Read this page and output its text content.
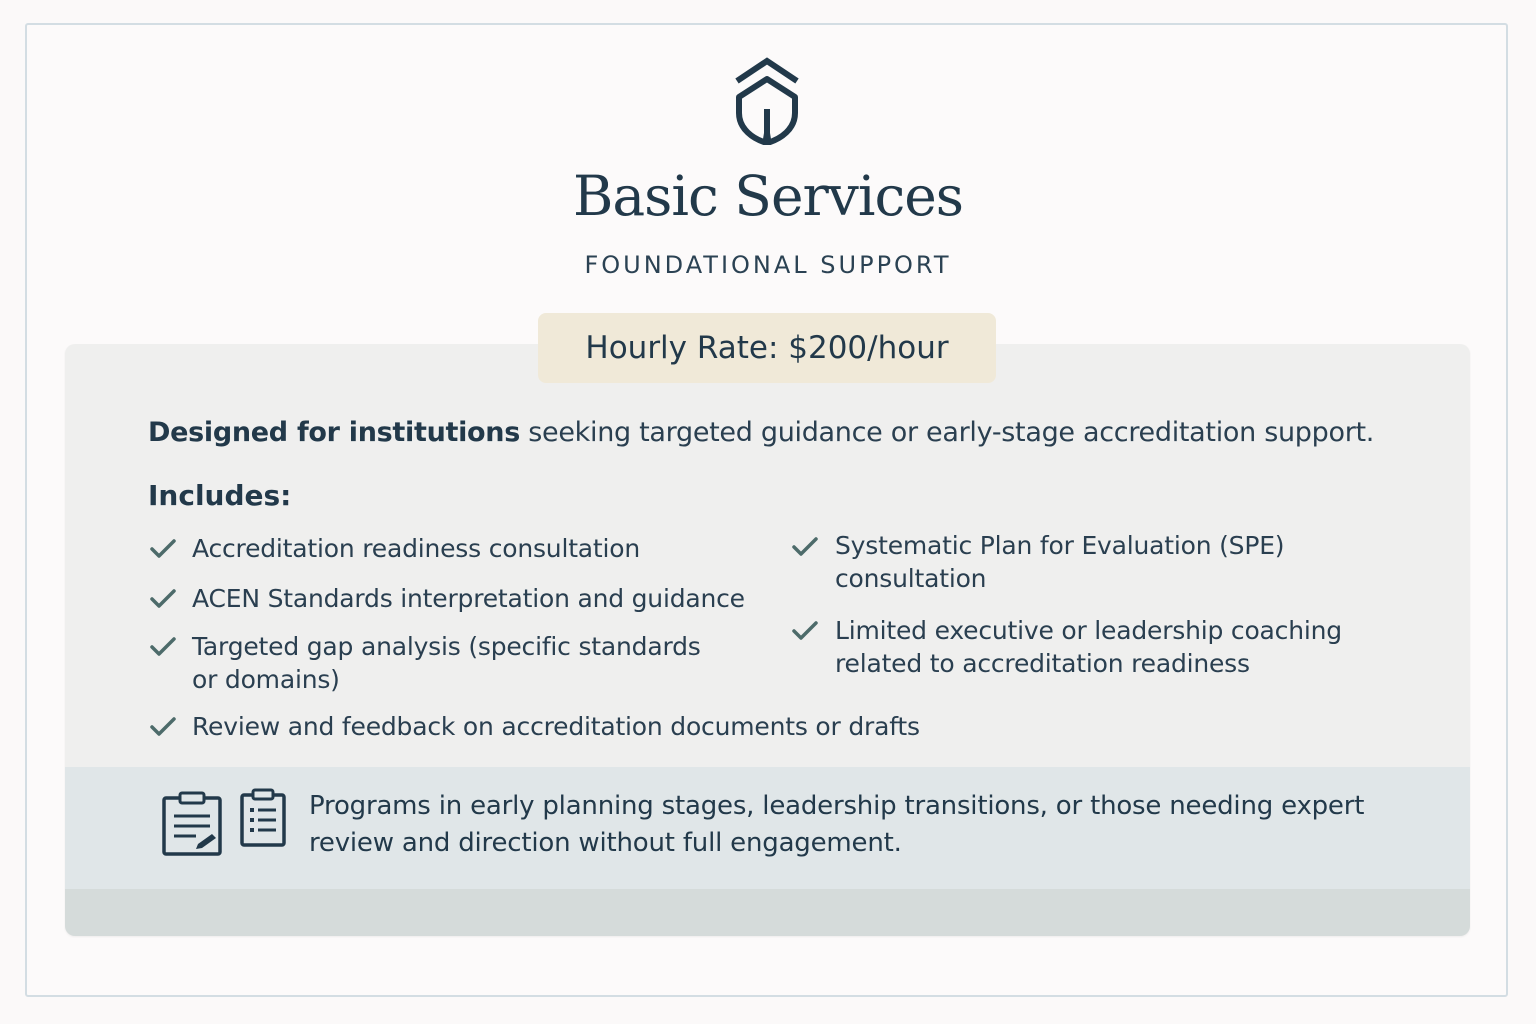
Basic Services
FOUNDATIONAL SUPPORT
Hourly Rate: $200/hour
Designed for institutions seeking targeted guidance or early-stage accreditation support.
Includes:
Accreditation readiness consultation
ACEN Standards interpretation and guidance
Targeted gap analysis (specific standards
or domains)
Review and feedback on accreditation documents or drafts
Systematic Plan for Evaluation (SPE)
consultation
Limited executive or leadership coaching
related to accreditation readiness
Programs in early planning stages, leadership transitions, or those needing expert review and direction without full engagement.
